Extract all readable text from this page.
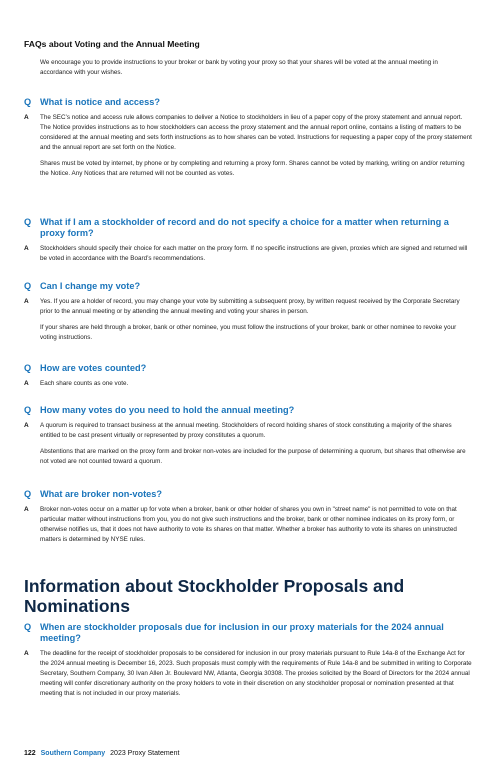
FAQs about Voting and the Annual Meeting
We encourage you to provide instructions to your broker or bank by voting your proxy so that your shares will be voted at the annual meeting in accordance with your wishes.
Q What is notice and access?
A	The SEC’s notice and access rule allows companies to deliver a Notice to stockholders in lieu of a paper copy of the proxy statement and annual report. The Notice provides instructions as to how stockholders can access the proxy statement and the annual report online, contains a listing of matters to be considered at the annual meeting and sets forth instructions as to how shares can be voted. Instructions for requesting a paper copy of the proxy statement and the annual report are set forth on the Notice.
Shares must be voted by internet, by phone or by completing and returning a proxy form. Shares cannot be voted by marking, writing on and/or returning the Notice. Any Notices that are returned will not be counted as votes.
Q What if I am a stockholder of record and do not specify a choice for a matter when returning a proxy form?
A	Stockholders should specify their choice for each matter on the proxy form. If no specific instructions are given, proxies which are signed and returned will be voted in accordance with the Board’s recommendations.
Q Can I change my vote?
A	Yes. If you are a holder of record, you may change your vote by submitting a subsequent proxy, by written request received by the Corporate Secretary prior to the annual meeting or by attending the annual meeting and voting your shares in person.
If your shares are held through a broker, bank or other nominee, you must follow the instructions of your broker, bank or other nominee to revoke your voting instructions.
Q How are votes counted?
A	Each share counts as one vote.
Q How many votes do you need to hold the annual meeting?
A	A quorum is required to transact business at the annual meeting. Stockholders of record holding shares of stock constituting a majority of the shares entitled to be cast present virtually or represented by proxy constitutes a quorum.
Abstentions that are marked on the proxy form and broker non-votes are included for the purpose of determining a quorum, but shares that otherwise are not voted are not counted toward a quorum.
Q What are broker non-votes?
A	Broker non-votes occur on a matter up for vote when a broker, bank or other holder of shares you own in "street name" is not permitted to vote on that particular matter without instructions from you, you do not give such instructions and the broker, bank or other nominee indicates on its proxy form, or otherwise notifies us, that it does not have authority to vote its shares on that matter. Whether a broker has authority to vote its shares on uninstructed matters is determined by NYSE rules.
Information about Stockholder Proposals and Nominations
Q When are stockholder proposals due for inclusion in our proxy materials for the 2024 annual meeting?
A	The deadline for the receipt of stockholder proposals to be considered for inclusion in our proxy materials pursuant to Rule 14a-8 of the Exchange Act for the 2024 annual meeting is December 16, 2023. Such proposals must comply with the requirements of Rule 14a-8 and be submitted in writing to Corporate Secretary, Southern Company, 30 Ivan Allen Jr. Boulevard NW, Atlanta, Georgia 30308. The proxies solicited by the Board of Directors for the 2024 annual meeting will confer discretionary authority on the proxy holders to vote in their discretion on any stockholder proposal or nomination presented at that meeting that is not included in our proxy materials.
122 Southern Company 2023 Proxy Statement
